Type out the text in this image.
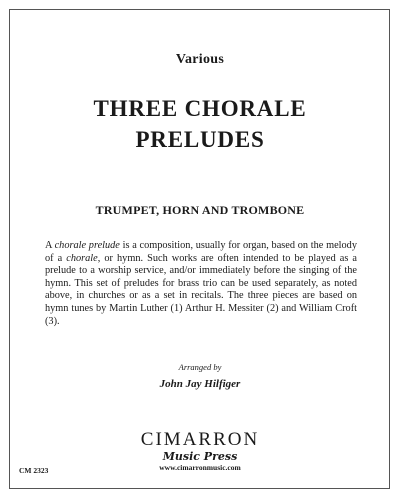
Various
THREE CHORALE
PRELUDES
TRUMPET, HORN AND TROMBONE

A chorale prelude is a composition, usually for organ, based on the melody of a chorale, or hymn. Such works are often intended to be played as a prelude to a worship service, and/or immediately before the singing of the hymn. This set of preludes for brass trio can be used separately, as noted above, in churches or as a set in recitals. The three pieces are based on hymn tunes by Martin Luther (1) Arthur H. Messiter (2) and William Croft (3).

Arranged by
John Jay Hilfiger
CIMARRON
Music Press
www.cimarronmusic.com
CM 2323
